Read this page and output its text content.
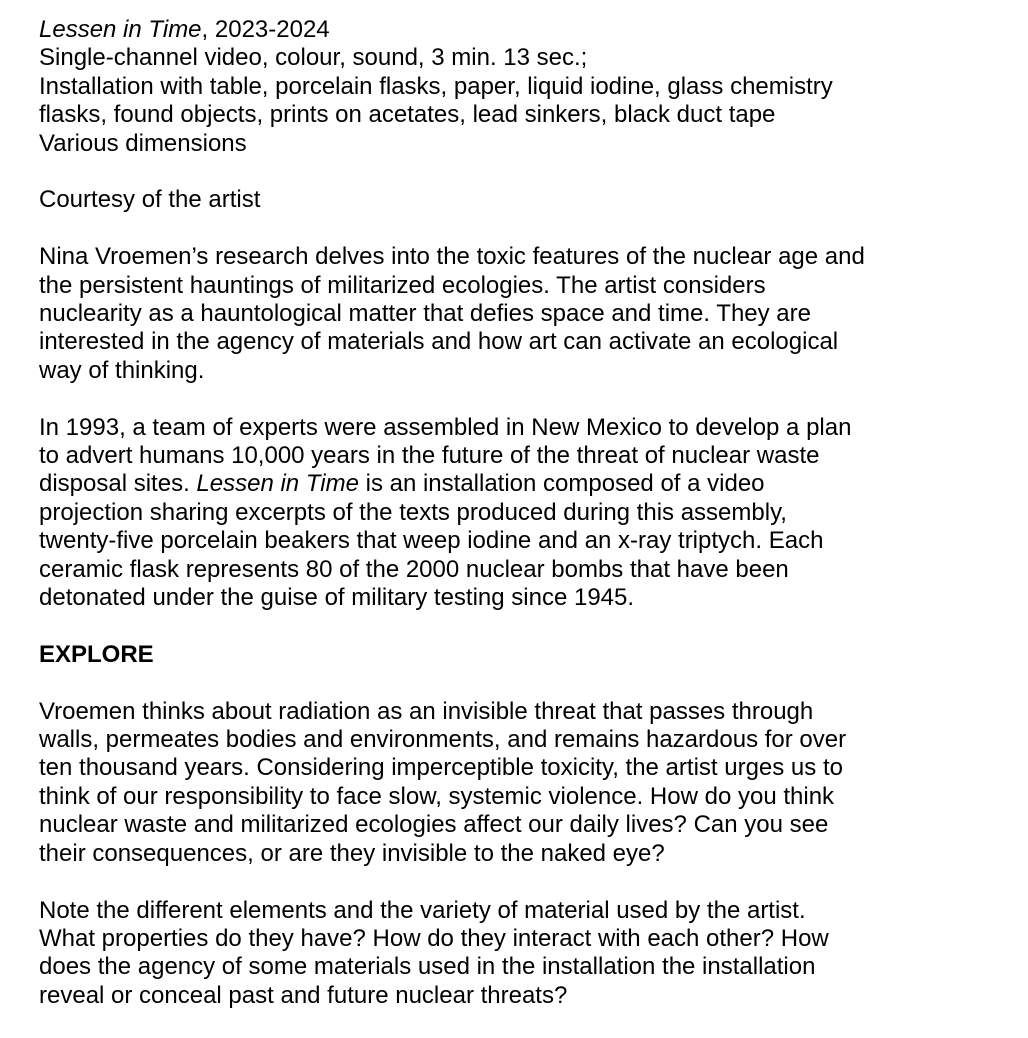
Lessen in Time, 2023-2024

Single-channel video, colour, sound, 3 min. 13 sec.;

Installation with table, porcelain flasks, paper, liquid iodine, glass chemistry

flasks, found objects, prints on acetates, lead sinkers, black duct tape

Various dimensions

Courtesy of the artist

Nina Vroemen’s research delves into the toxic features of the nuclear age and

the persistent hauntings of militarized ecologies. The artist considers

nuclearity as a hauntological matter that defies space and time. They are

interested in the agency of materials and how art can activate an ecological

way of thinking.

In 1993, a team of experts were assembled in New Mexico to develop a plan

to advert humans 10,000 years in the future of the threat of nuclear waste

disposal sites. Lessen in Time is an installation composed of a video

projection sharing excerpts of the texts produced during this assembly,

twenty-five porcelain beakers that weep iodine and an x-ray triptych. Each

ceramic flask represents 80 of the 2000 nuclear bombs that have been

detonated under the guise of military testing since 1945.

EXPLORE

Vroemen thinks about radiation as an invisible threat that passes through

walls, permeates bodies and environments, and remains hazardous for over

ten thousand years. Considering imperceptible toxicity, the artist urges us to

think of our responsibility to face slow, systemic violence. How do you think

nuclear waste and militarized ecologies affect our daily lives? Can you see

their consequences, or are they invisible to the naked eye?

Note the different elements and the variety of material used by the artist.

What properties do they have? How do they interact with each other? How

does the agency of some materials used in the installation the installation

reveal or conceal past and future nuclear threats?
